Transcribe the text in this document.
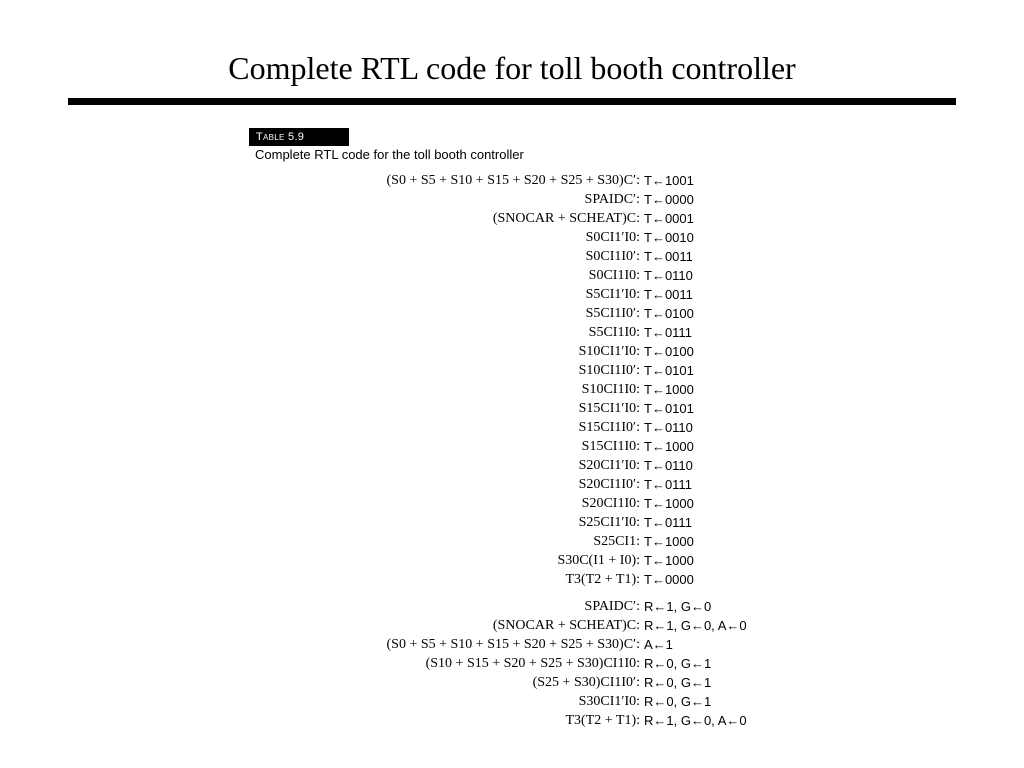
Complete RTL code for toll booth controller
Table 5.9
Complete RTL code for the toll booth controller
(S0 + S5 + S10 + S15 + S20 + S25 + S30)C′: T←1001
SPAIDC′: T←0000
(SNOCAR + SCHEAT)C: T←0001
S0CI1′I0: T←0010
S0CI1I0′: T←0011
S0CI1I0: T←0110
S5CI1′I0: T←0011
S5CI1I0′: T←0100
S5CI1I0: T←0111
S10CI1′I0: T←0100
S10CI1I0′: T←0101
S10CI1I0: T←1000
S15CI1′I0: T←0101
S15CI1I0′: T←0110
S15CI1I0: T←1000
S20CI1′I0: T←0110
S20CI1I0′: T←0111
S20CI1I0: T←1000
S25CI1′I0: T←0111
S25CI1: T←1000
S30C(I1 + I0): T←1000
T3(T2 + T1): T←0000
SPAIDC′: R←1, G←0
(SNOCAR + SCHEAT)C: R←1, G←0, A←0
(S0 + S5 + S10 + S15 + S20 + S25 + S30)C′: A←1
(S10 + S15 + S20 + S25 + S30)CI1I0: R←0, G←1
(S25 + S30)CI1I0′: R←0, G←1
S30CI1′I0: R←0, G←1
T3(T2 + T1): R←1, G←0, A←0
